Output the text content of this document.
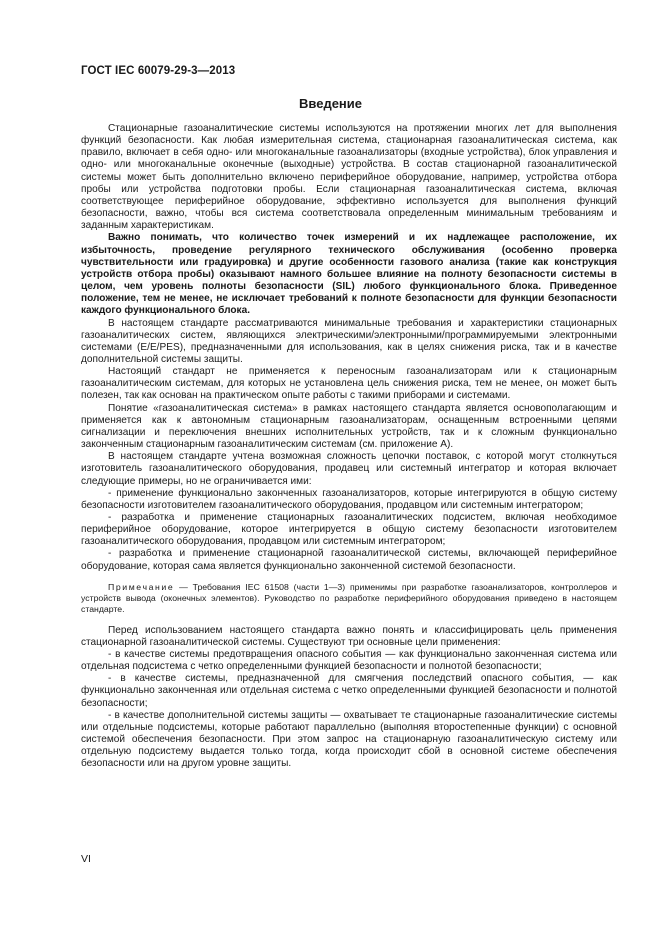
ГОСТ IEC 60079-29-3—2013
Введение

Стационарные газоаналитические системы используются на протяжении многих лет для выполнения функций безопасности. Как любая измерительная система, стационарная газоаналитическая система, как правило, включает в себя одно- или многоканальные газоанализаторы (входные устройства), блок управления и одно- или многоканальные оконечные (выходные) устройства. В состав стационарной газоаналитической системы может быть дополнительно включено периферийное оборудование, например, устройства отбора пробы или устройства подготовки пробы. Если стационарная газоаналитическая система, включая соответствующее периферийное оборудование, эффективно используется для выполнения функций безопасности, важно, чтобы вся система соответствовала определенным минимальным требованиям и заданным характеристикам.

Важно понимать, что количество точек измерений и их надлежащее расположение, их избыточность, проведение регулярного технического обслуживания (особенно проверка чувствительности или градуировка) и другие особенности газового анализа (такие как конструкция устройств отбора пробы) оказывают намного большее влияние на полноту безопасности системы в целом, чем уровень полноты безопасности (SIL) любого функционального блока. Приведенное положение, тем не менее, не исключает требований к полноте безопасности для функции безопасности каждого функционального блока.

В настоящем стандарте рассматриваются минимальные требования и характеристики стационарных газоаналитических систем, являющихся электрическими/электронными/программируемыми электронными системами (E/E/PES), предназначенными для использования, как в целях снижения риска, так и в качестве дополнительной системы защиты.

Настоящий стандарт не применяется к переносным газоанализаторам или к стационарным газоаналитическим системам, для которых не установлена цель снижения риска, тем не менее, он может быть полезен, так как основан на практическом опыте работы с такими приборами и системами.

Понятие «газоаналитическая система» в рамках настоящего стандарта является основополагающим и применяется как к автономным стационарным газоанализаторам, оснащенным встроенными цепями сигнализации и переключения внешних исполнительных устройств, так и к сложным функционально законченным стационарным газоаналитическим системам (см. приложение А).

В настоящем стандарте учтена возможная сложность цепочки поставок, с которой могут столкнуться изготовитель газоаналитического оборудования, продавец или системный интегратор и которая включает следующие примеры, но не ограничивается ими:

- применение функционально законченных газоанализаторов, которые интегрируются в общую систему безопасности изготовителем газоаналитического оборудования, продавцом или системным интегратором;

- разработка и применение стационарных газоаналитических подсистем, включая необходимое периферийное оборудование, которое интегрируется в общую систему безопасности изготовителем газоаналитического оборудования, продавцом или системным интегратором;

- разработка и применение стационарной газоаналитической системы, включающей периферийное оборудование, которая сама является функционально законченной системой безопасности.

Примечание — Требования IEC 61508 (части 1—3) применимы при разработке газоанализаторов, контроллеров и устройств вывода (оконечных элементов). Руководство по разработке периферийного оборудования приведено в настоящем стандарте.

Перед использованием настоящего стандарта важно понять и классифицировать цель применения стационарной газоаналитической системы. Существуют три основные цели применения:

- в качестве системы предотвращения опасного события — как функционально законченная система или отдельная подсистема с четко определенными функцией безопасности и полнотой безопасности;

- в качестве системы, предназначенной для смягчения последствий опасного события, — как функционально законченная или отдельная система с четко определенными функцией безопасности и полнотой безопасности;

- в качестве дополнительной системы защиты — охватывает те стационарные газоаналитические системы или отдельные подсистемы, которые работают параллельно (выполняя второстепенные функции) с основной системой обеспечения безопасности. При этом запрос на стационарную газоаналитическую систему или отдельную подсистему выдается только тогда, когда происходит сбой в основной системе обеспечения безопасности или на другом уровне защиты.

VI
